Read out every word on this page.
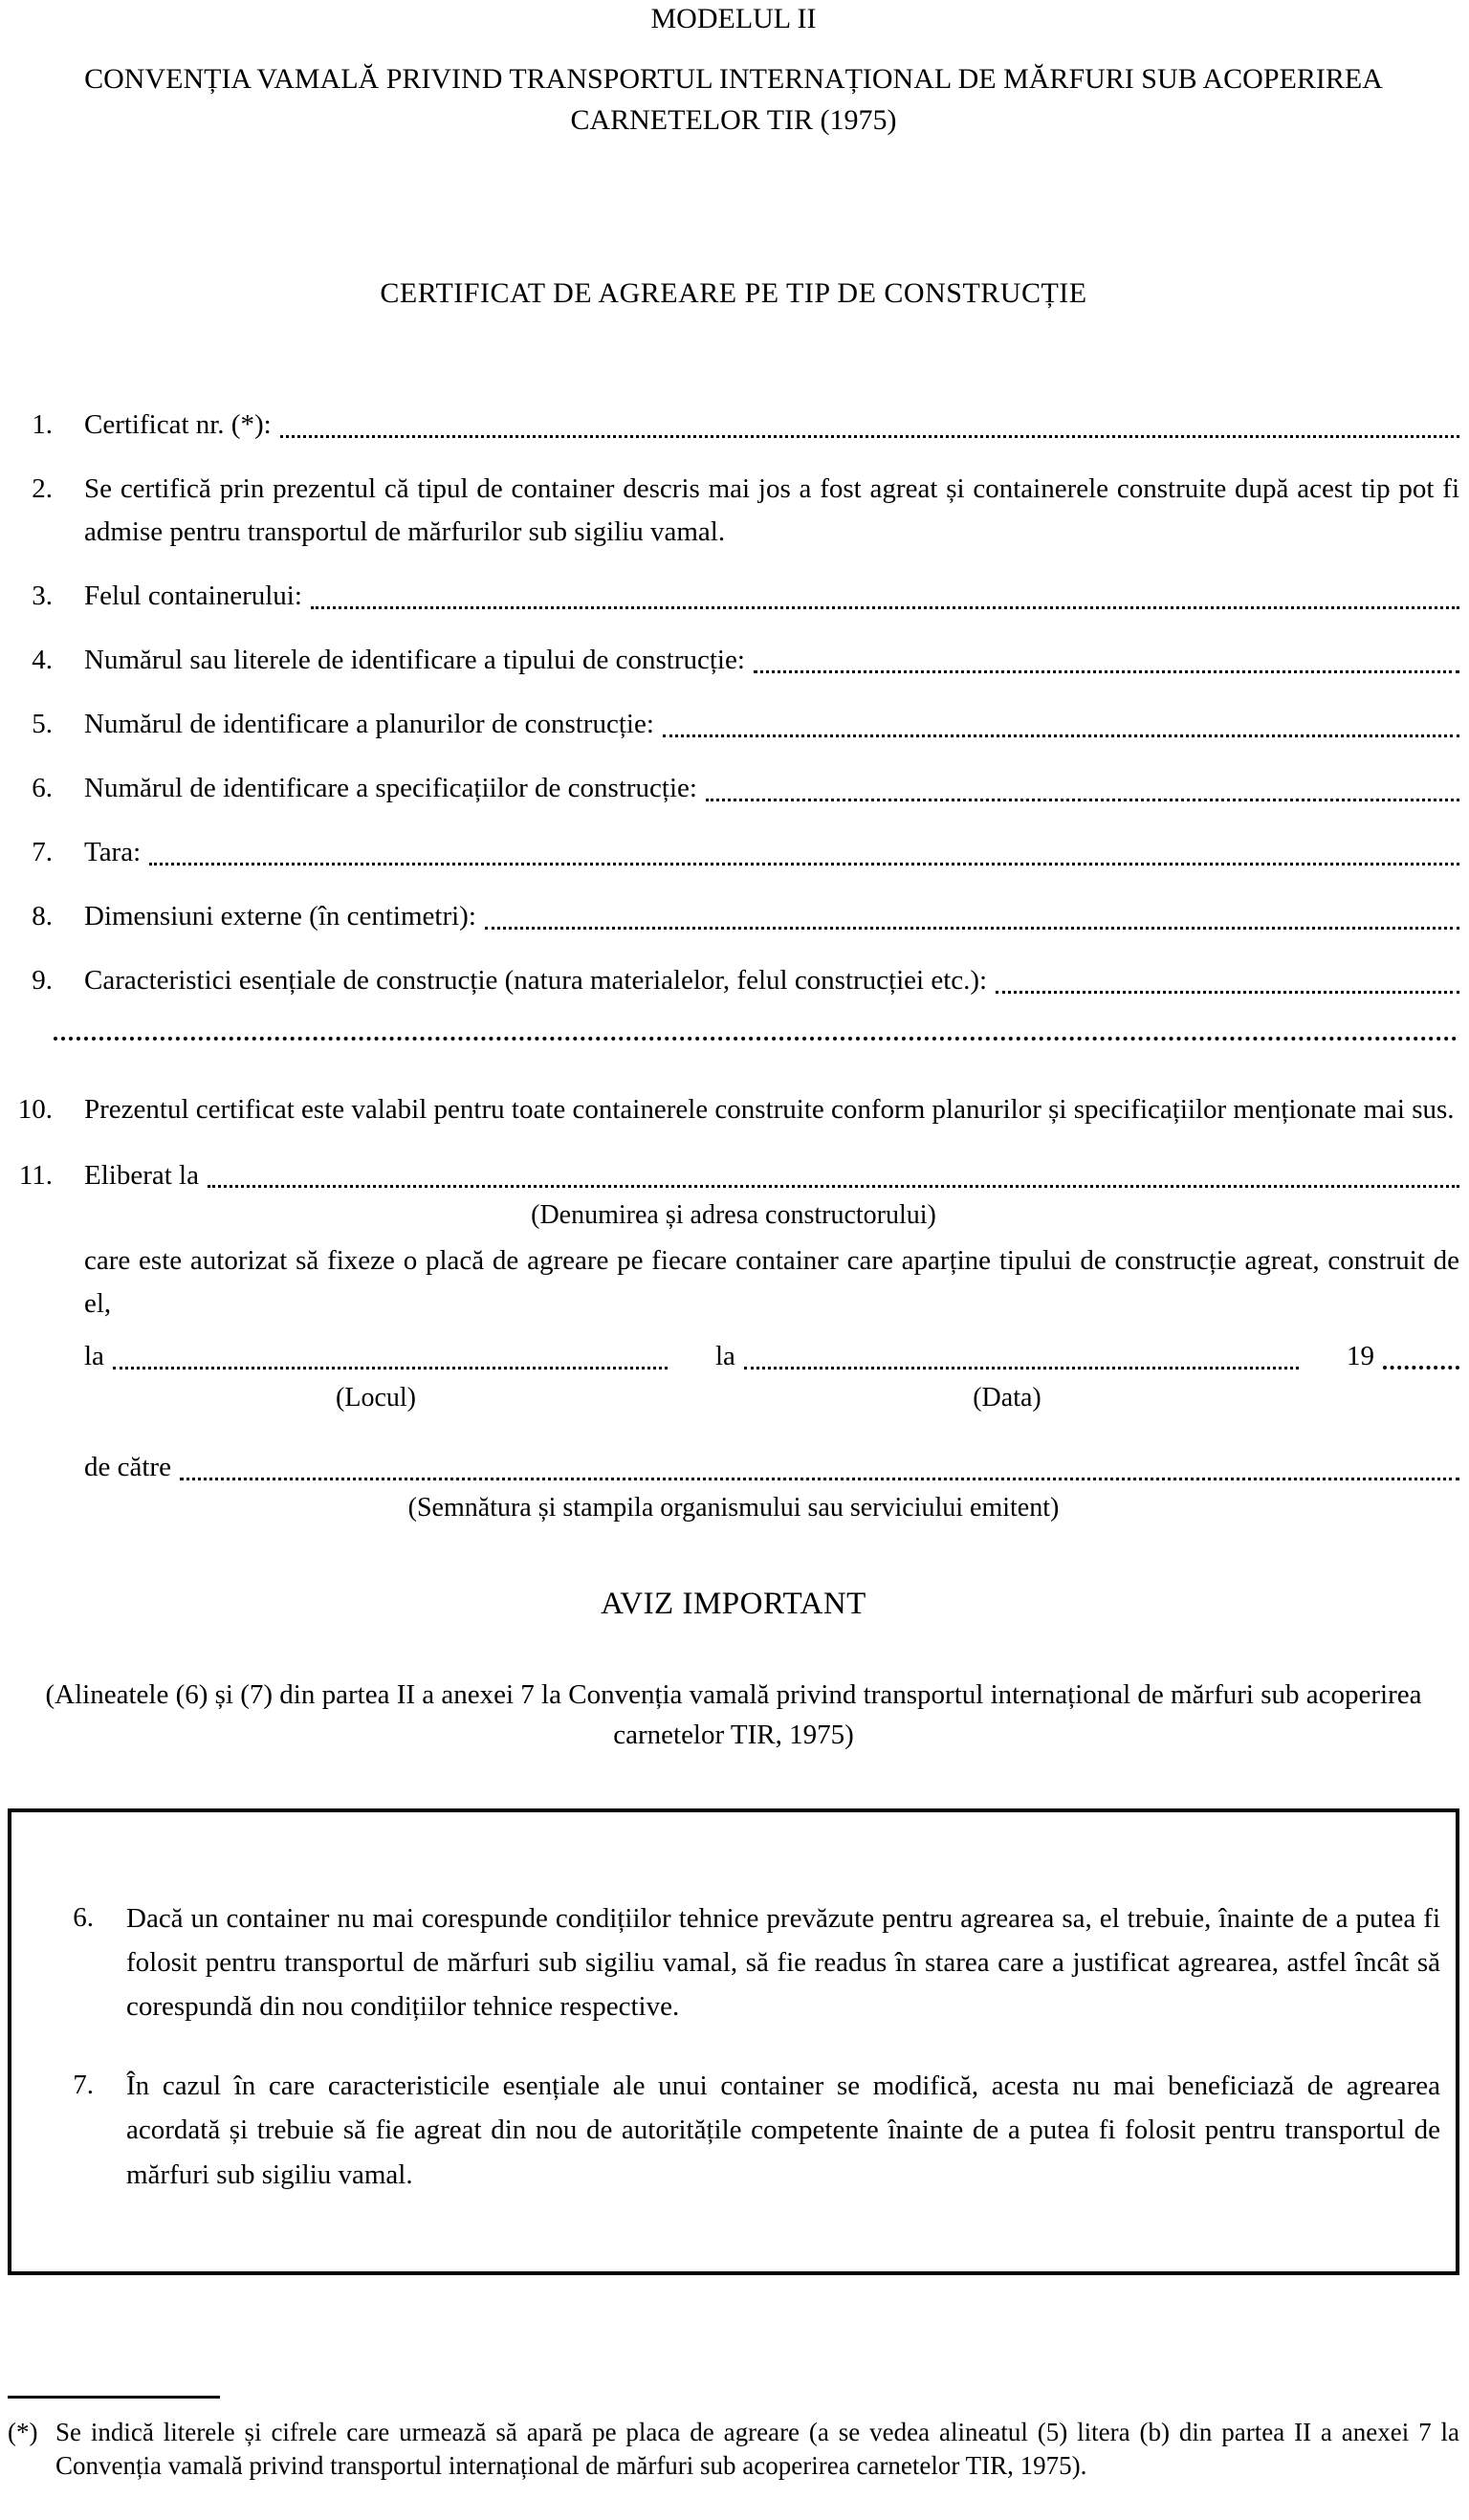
MODELUL II
CONVENȚIA VAMALĂ PRIVIND TRANSPORTUL INTERNAȚIONAL DE MĂRFURI SUB ACOPERIREA
CARNETELOR TIR (1975)
CERTIFICAT DE AGREARE PE TIP DE CONSTRUCȚIE
1. Certificat nr. (*):
2. Se certifică prin prezentul că tipul de container descris mai jos a fost agreat și containerele construite după acest tip pot fi admise pentru transportul de mărfurilor sub sigiliu vamal.
3. Felul containerului:
4. Numărul sau literele de identificare a tipului de construcție:
5. Numărul de identificare a planurilor de construcție:
6. Numărul de identificare a specificațiilor de construcție:
7. Tara:
8. Dimensiuni externe (în centimetri):
9. Caracteristici esențiale de construcție (natura materialelor, felul construcției etc.):
10. Prezentul certificat este valabil pentru toate containerele construite conform planurilor și specificațiilor menționate mai sus.
11. Eliberat la
(Denumirea și adresa constructorului)
care este autorizat să fixeze o placă de agreare pe fiecare container care aparține tipului de construcție agreat, construit de el,
la
(Locul)
la
(Data)
19
de către
(Semnătura și stampila organismului sau serviciului emitent)
AVIZ IMPORTANT

(Alineatele (6) și (7) din partea II a anexei 7 la Convenția vamală privind transportul internațional de mărfuri sub acoperirea carnetelor TIR, 1975)

6. Dacă un container nu mai corespunde condițiilor tehnice prevăzute pentru agrearea sa, el trebuie, înainte de a putea fi folosit pentru transportul de mărfuri sub sigiliu vamal, să fie readus în starea care a justificat agrearea, astfel încât să corespundă din nou condițiilor tehnice respective.
7. În cazul în care caracteristicile esențiale ale unui container se modifică, acesta nu mai beneficiază de agrearea acordată și trebuie să fie agreat din nou de autoritățile competente înainte de a putea fi folosit pentru transportul de mărfuri sub sigiliu vamal.
(*) Se indică literele și cifrele care urmează să apară pe placa de agreare (a se vedea alineatul (5) litera (b) din partea II a anexei 7 la Convenția vamală privind transportul internațional de mărfuri sub acoperirea carnetelor TIR, 1975).
